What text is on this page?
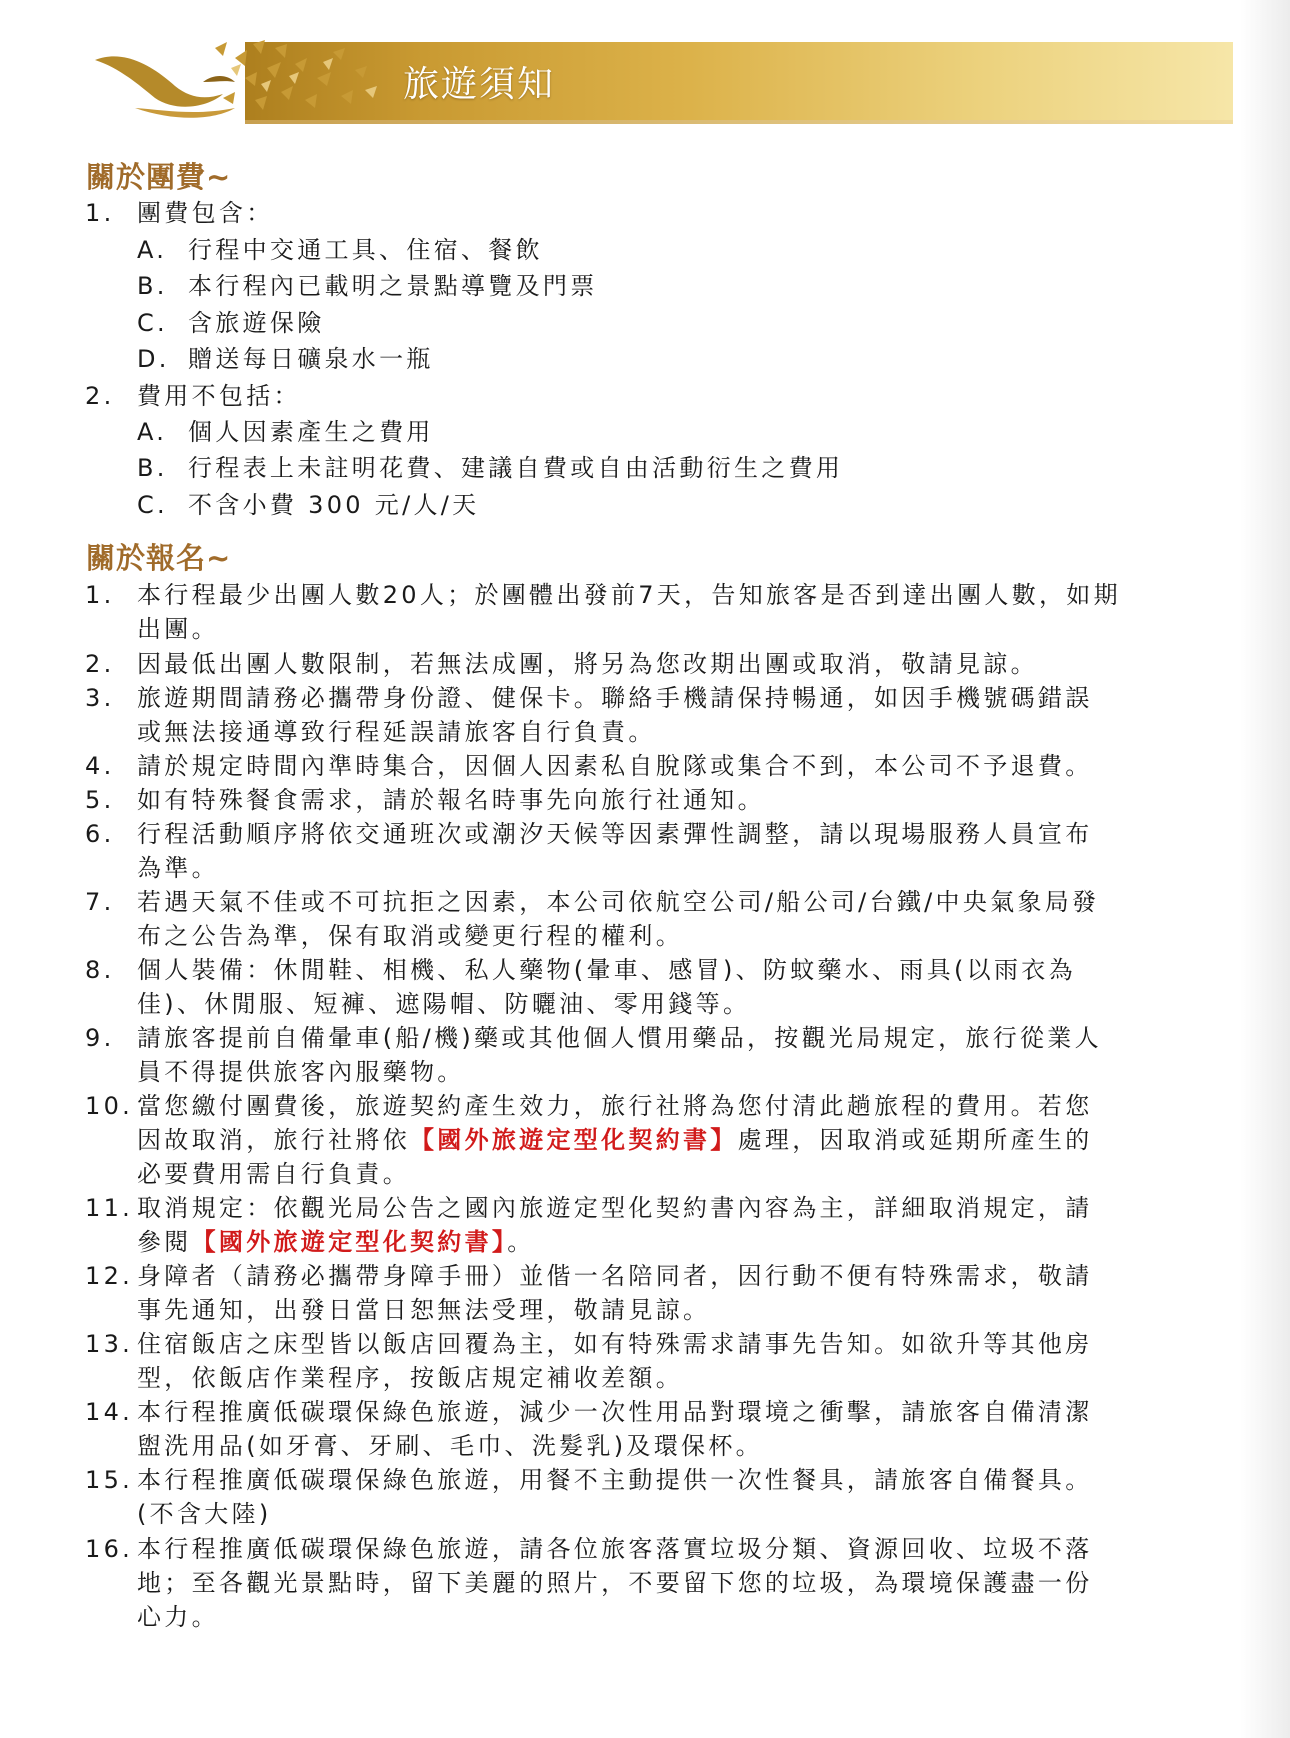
旅遊須知
關於團費~
1. 團費包含：
A. 行程中交通工具、住宿、餐飲
B. 本行程內已載明之景點導覽及門票
C. 含旅遊保險
D. 贈送每日礦泉水一瓶
2. 費用不包括：
A. 個人因素產生之費用
B. 行程表上未註明花費、建議自費或自由活動衍生之費用
C. 不含小費 300 元/人/天
關於報名~
1. 本行程最少出團人數20人；於團體出發前7天，告知旅客是否到達出團人數，如期
出團。
2. 因最低出團人數限制，若無法成團，將另為您改期出團或取消，敬請見諒。
3. 旅遊期間請務必攜帶身份證、健保卡。聯絡手機請保持暢通，如因手機號碼錯誤
或無法接通導致行程延誤請旅客自行負責。
4. 請於規定時間內準時集合，因個人因素私自脫隊或集合不到，本公司不予退費。
5. 如有特殊餐食需求，請於報名時事先向旅行社通知。
6. 行程活動順序將依交通班次或潮汐天候等因素彈性調整，請以現場服務人員宣布
為準。
7. 若遇天氣不佳或不可抗拒之因素，本公司依航空公司/船公司/台鐵/中央氣象局發
布之公告為準，保有取消或變更行程的權利。
8. 個人裝備：休閒鞋、相機、私人藥物(暈車、感冒)、防蚊藥水、雨具(以雨衣為
佳)、休閒服、短褲、遮陽帽、防曬油、零用錢等。
9. 請旅客提前自備暈車(船/機)藥或其他個人慣用藥品，按觀光局規定，旅行從業人
員不得提供旅客內服藥物。
10. 當您繳付團費後，旅遊契約產生效力，旅行社將為您付清此趟旅程的費用。若您
因故取消，旅行社將依【國外旅遊定型化契約書】處理，因取消或延期所產生的
必要費用需自行負責。
11. 取消規定：依觀光局公告之國內旅遊定型化契約書內容為主，詳細取消規定，請
參閱【國外旅遊定型化契約書】。
12. 身障者（請務必攜帶身障手冊）並偕一名陪同者，因行動不便有特殊需求，敬請
事先通知，出發日當日恕無法受理，敬請見諒。
13. 住宿飯店之床型皆以飯店回覆為主，如有特殊需求請事先告知。如欲升等其他房
型，依飯店作業程序，按飯店規定補收差額。
14. 本行程推廣低碳環保綠色旅遊，減少一次性用品對環境之衝擊，請旅客自備清潔
盥洗用品(如牙膏、牙刷、毛巾、洗髮乳)及環保杯。
15. 本行程推廣低碳環保綠色旅遊，用餐不主動提供一次性餐具，請旅客自備餐具。
(不含大陸)
16. 本行程推廣低碳環保綠色旅遊，請各位旅客落實垃圾分類、資源回收、垃圾不落
地；至各觀光景點時，留下美麗的照片，不要留下您的垃圾，為環境保護盡一份
心力。
